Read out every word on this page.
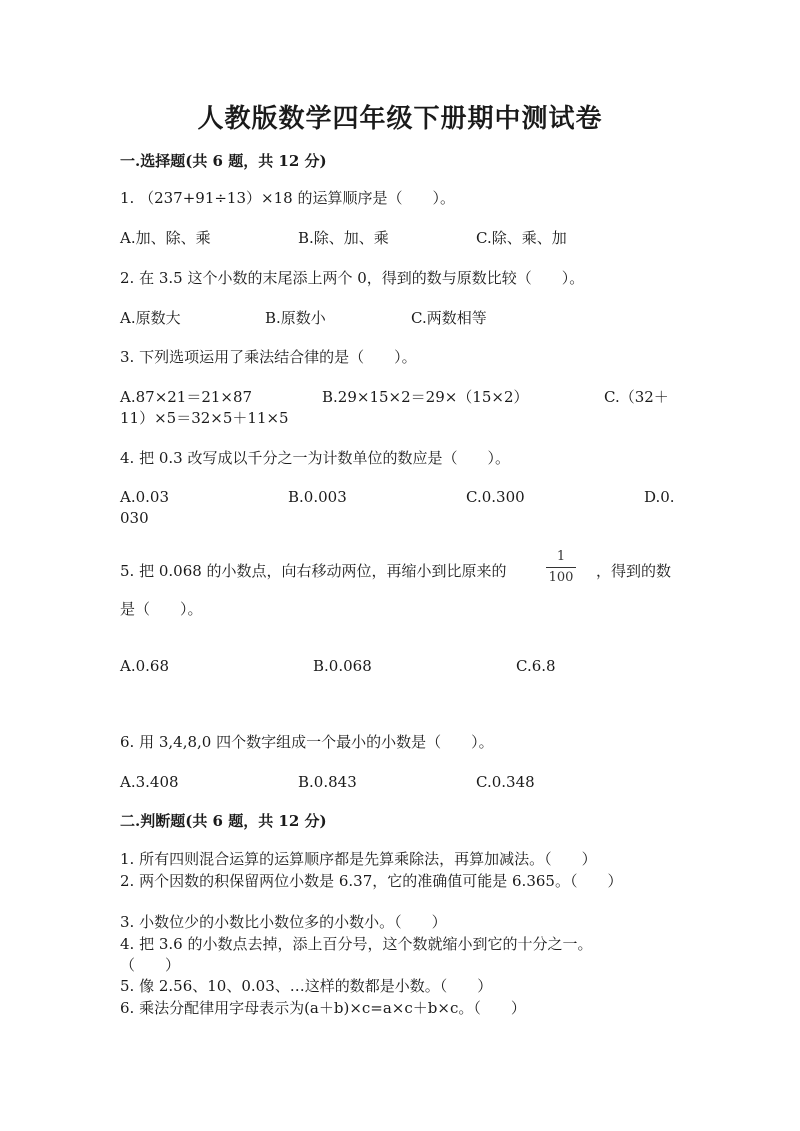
人教版数学四年级下册期中测试卷
一.选择题(共 6 题，共 12 分)
1. （237+91÷13）×18 的运算顺序是（　　）。
A.加、除、乘	B.除、加、乘	C.除、乘、加
2. 在 3.5 这个小数的末尾添上两个 0，得到的数与原数比较（　　）。
A.原数大	B.原数小	C.两数相等
3. 下列选项运用了乘法结合律的是（　　）。
A.87×21＝21×87	B.29×15×2＝29×（15×2）	C.（32＋
11）×5＝32×5＋11×5
4. 把 0.3 改写成以千分之一为计数单位的数应是（　　）。
A.0.03	B.0.003	C.0.300	D.0.
030
5. 把 0.068 的小数点，向右移动两位，再缩小到比原来的
1
100 ，得到的数
是（　　）。
A.0.68	B.0.068	C.6.8
6. 用 3,4,8,0 四个数字组成一个最小的小数是（　　）。
A.3.408	B.0.843	C.0.348
二.判断题(共 6 题，共 12 分)
1. 所有四则混合运算的运算顺序都是先算乘除法，再算加减法。（　　）
2. 两个因数的积保留两位小数是 6.37，它的准确值可能是 6.365。（　　）
3. 小数位少的小数比小数位多的小数小。（　　）
4. 把 3.6 的小数点去掉，添上百分号，这个数就缩小到它的十分之一。
（　　）
5. 像 2.56、10、0.03、…这样的数都是小数。（　　）
6. 乘法分配律用字母表示为(a＋b)×c=a×c＋b×c。（　　）
